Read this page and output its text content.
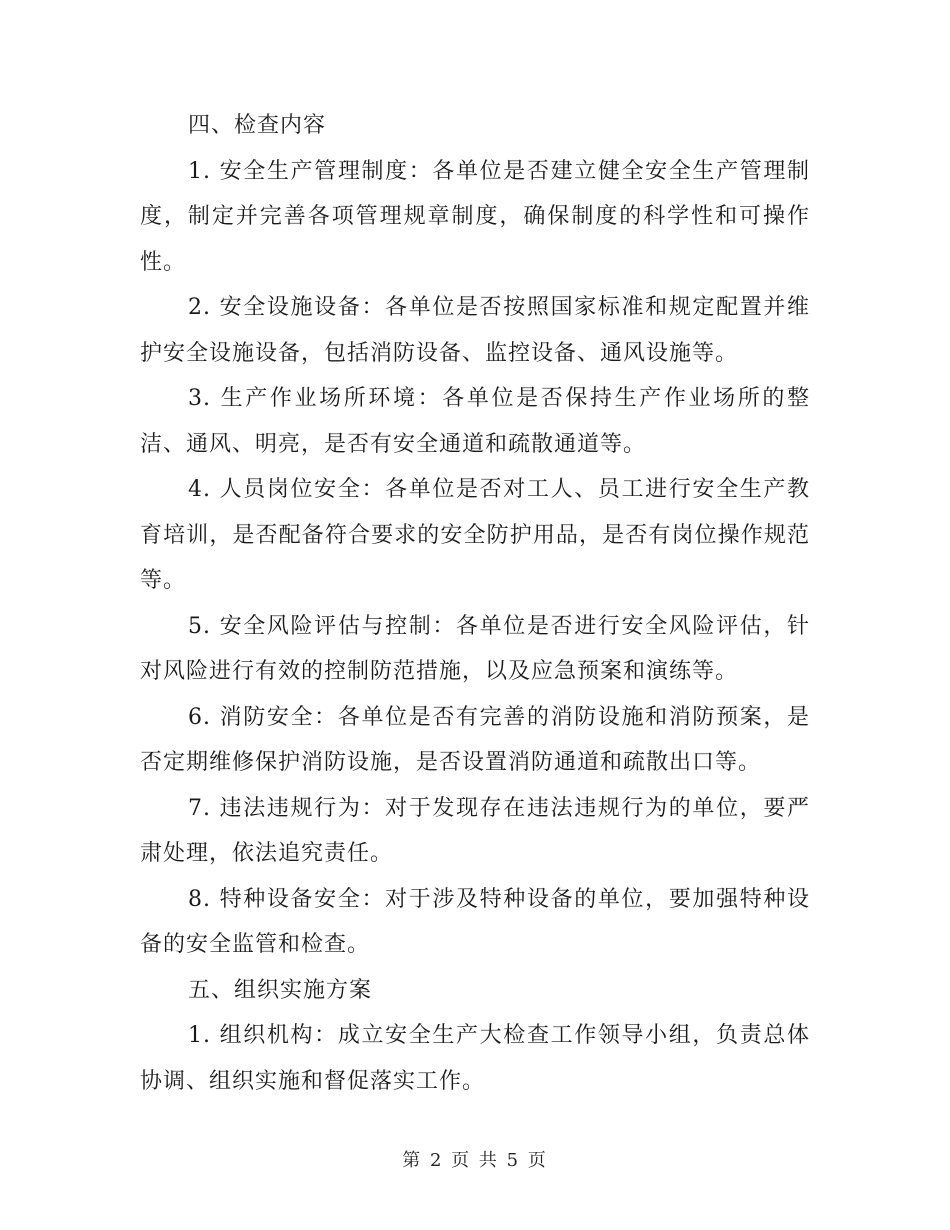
四、检查内容

1. 安全生产管理制度：各单位是否建立健全安全生产管理制度，制定并完善各项管理规章制度，确保制度的科学性和可操作性。

2. 安全设施设备：各单位是否按照国家标准和规定配置并维护安全设施设备，包括消防设备、监控设备、通风设施等。

3. 生产作业场所环境：各单位是否保持生产作业场所的整洁、通风、明亮，是否有安全通道和疏散通道等。

4. 人员岗位安全：各单位是否对工人、员工进行安全生产教育培训，是否配备符合要求的安全防护用品，是否有岗位操作规范等。

5. 安全风险评估与控制：各单位是否进行安全风险评估，针对风险进行有效的控制防范措施，以及应急预案和演练等。

6. 消防安全：各单位是否有完善的消防设施和消防预案，是否定期维修保护消防设施，是否设置消防通道和疏散出口等。

7. 违法违规行为：对于发现存在违法违规行为的单位，要严肃处理，依法追究责任。

8. 特种设备安全：对于涉及特种设备的单位，要加强特种设备的安全监管和检查。

五、组织实施方案

1. 组织机构：成立安全生产大检查工作领导小组，负责总体协调、组织实施和督促落实工作。

第 2 页 共 5 页
